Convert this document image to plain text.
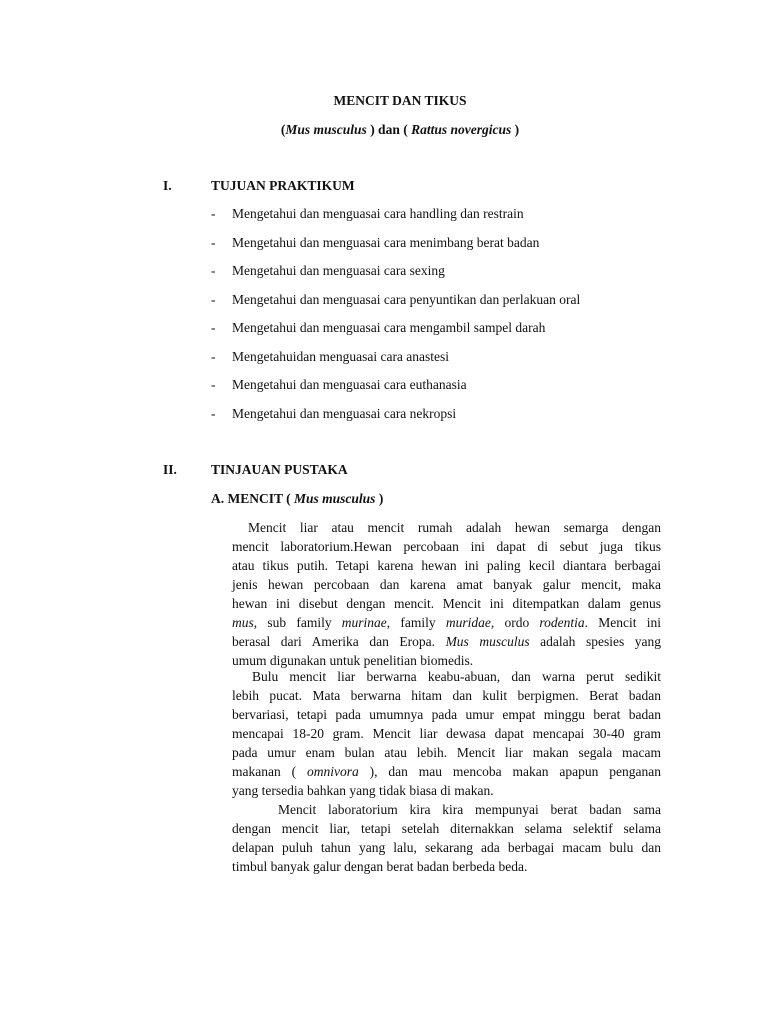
MENCIT DAN TIKUS
(Mus musculus ) dan ( Rattus novergicus )
I.	TUJUAN PRAKTIKUM
- Mengetahui dan menguasai cara handling dan restrain
- Mengetahui dan menguasai cara menimbang berat badan
- Mengetahui dan menguasai cara sexing
- Mengetahui dan menguasai cara penyuntikan dan perlakuan oral
- Mengetahui dan menguasai cara mengambil sampel darah
- Mengetahuidan menguasai cara anastesi
- Mengetahui dan menguasai cara euthanasia
- Mengetahui dan menguasai cara nekropsi
II.	TINJAUAN PUSTAKA
A. MENCIT ( Mus musculus )
Mencit liar atau mencit rumah adalah hewan semarga dengan
mencit laboratorium.Hewan percobaan ini dapat di sebut juga tikus
atau tikus putih. Tetapi karena hewan ini paling kecil diantara berbagai
jenis hewan percobaan dan karena amat banyak galur mencit, maka
hewan ini disebut dengan mencit. Mencit ini ditempatkan dalam genus
mus, sub family murinae, family muridae, ordo rodentia. Mencit ini
berasal dari Amerika dan Eropa. Mus musculus adalah spesies yang
umum digunakan untuk penelitian biomedis.
Bulu mencit liar berwarna keabu-abuan, dan warna perut sedikit
lebih pucat. Mata berwarna hitam dan kulit berpigmen. Berat badan
bervariasi, tetapi pada umumnya pada umur empat minggu berat badan
mencapai 18-20 gram. Mencit liar dewasa dapat mencapai 30-40 gram
pada umur enam bulan atau lebih. Mencit liar makan segala macam
makanan ( omnivora ), dan mau mencoba makan apapun penganan
yang tersedia bahkan yang tidak biasa di makan.
Mencit laboratorium kira kira mempunyai berat badan sama
dengan mencit liar, tetapi setelah diternakkan selama selektif selama
delapan puluh tahun yang lalu, sekarang ada berbagai macam bulu dan
timbul banyak galur dengan berat badan berbeda beda.
